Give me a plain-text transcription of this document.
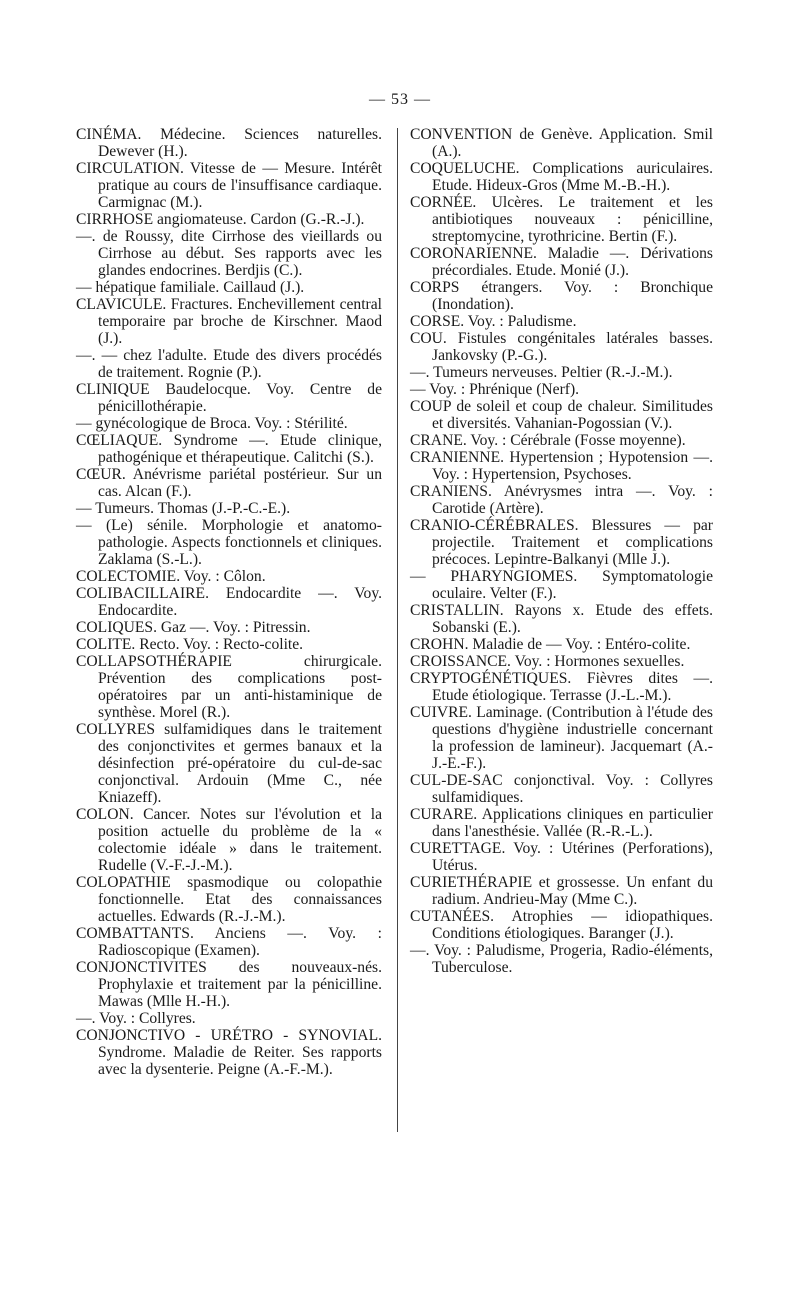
— 53 —

CINÉMA. Médecine. Sciences naturelles. Dewever (H.).

CIRCULATION. Vitesse de — Mesure. Intérêt pratique au cours de l'insuffisance cardiaque. Carmignac (M.).

CIRRHOSE angiomateuse. Cardon (G.-R.-J.).

—. de Roussy, dite Cirrhose des vieillards ou Cirrhose au début. Ses rapports avec les glandes endocrines. Berdjis (C.).

— hépatique familiale. Caillaud (J.).

CLAVICULE. Fractures. Enchevillement central temporaire par broche de Kirschner. Maod (J.).

—. — chez l'adulte. Etude des divers procédés de traitement. Rognie (P.).

CLINIQUE Baudelocque. Voy. Centre de pénicillothérapie.

— gynécologique de Broca. Voy. : Stérilité.

CŒLIAQUE. Syndrome —. Etude clinique, pathogénique et thérapeutique. Calitchi (S.).

CŒUR. Anévrisme pariétal postérieur. Sur un cas. Alcan (F.).

— Tumeurs. Thomas (J.-P.-C.-E.).

— (Le) sénile. Morphologie et anatomo-pathologie. Aspects fonctionnels et cliniques. Zaklama (S.-L.).

COLECTOMIE. Voy. : Côlon.

COLIBACILLAIRE. Endocardite —. Voy. Endocardite.

COLIQUES. Gaz —. Voy. : Pitressin.

COLITE. Recto. Voy. : Recto-colite.

COLLAPSOTHÉRAPIE chirurgicale. Prévention des complications post-opératoires par un anti-histaminique de synthèse. Morel (R.).

COLLYRES sulfamidiques dans le traitement des conjonctivites et germes banaux et la désinfection pré-opératoire du cul-de-sac conjonctival. Ardouin (Mme C., née Kniazeff).

COLON. Cancer. Notes sur l'évolution et la position actuelle du problème de la « colectomie idéale » dans le traitement. Rudelle (V.-F.-J.-M.).

COLOPATHIE spasmodique ou colopathie fonctionnelle. Etat des connaissances actuelles. Edwards (R.-J.-M.).

COMBATTANTS. Anciens —. Voy. : Radioscopique (Examen).

CONJONCTIVITES des nouveaux-nés. Prophylaxie et traitement par la pénicilline. Mawas (Mlle H.-H.).

—. Voy. : Collyres.

CONJONCTIVO - URÉTRO - SYNOVIAL. Syndrome. Maladie de Reiter. Ses rapports avec la dysenterie. Peigne (A.-F.-M.).

CONVENTION de Genève. Application. Smil (A.).

COQUELUCHE. Complications auriculaires. Etude. Hideux-Gros (Mme M.-B.-H.).

CORNÉE. Ulcères. Le traitement et les antibiotiques nouveaux : pénicilline, streptomycine, tyrothricine. Bertin (F.).

CORONARIENNE. Maladie —. Dérivations précordiales. Etude. Monié (J.).

CORPS étrangers. Voy. : Bronchique (Inondation).

CORSE. Voy. : Paludisme.

COU. Fistules congénitales latérales basses. Jankovsky (P.-G.).

—. Tumeurs nerveuses. Peltier (R.-J.-M.).

— Voy. : Phrénique (Nerf).

COUP de soleil et coup de chaleur. Similitudes et diversités. Vahanian-Pogossian (V.).

CRANE. Voy. : Cérébrale (Fosse moyenne).

CRANIENNE. Hypertension ; Hypotension —. Voy. : Hypertension, Psychoses.

CRANIENS. Anévrysmes intra —. Voy. : Carotide (Artère).

CRANIO-CÉRÉBRALES. Blessures — par projectile. Traitement et complications précoces. Lepintre-Balkanyi (Mlle J.).

— PHARYNGIOMES. Symptomatologie oculaire. Velter (F.).

CRISTALLIN. Rayons x. Etude des effets. Sobanski (E.).

CROHN. Maladie de — Voy. : Entéro-colite.

CROISSANCE. Voy. : Hormones sexuelles.

CRYPTOGÉNÉTIQUES. Fièvres dites —. Etude étiologique. Terrasse (J.-L.-M.).

CUIVRE. Laminage. (Contribution à l'étude des questions d'hygiène industrielle concernant la profession de lamineur). Jacquemart (A.-J.-E.-F.).

CUL-DE-SAC conjonctival. Voy. : Collyres sulfamidiques.

CURARE. Applications cliniques en particulier dans l'anesthésie. Vallée (R.-R.-L.).

CURETTAGE. Voy. : Utérines (Perforations), Utérus.

CURIETHÉRAPIE et grossesse. Un enfant du radium. Andrieu-May (Mme C.).

CUTANÉES. Atrophies — idiopathiques. Conditions étiologiques. Baranger (J.).

—. Voy. : Paludisme, Progeria, Radio-éléments, Tuberculose.
